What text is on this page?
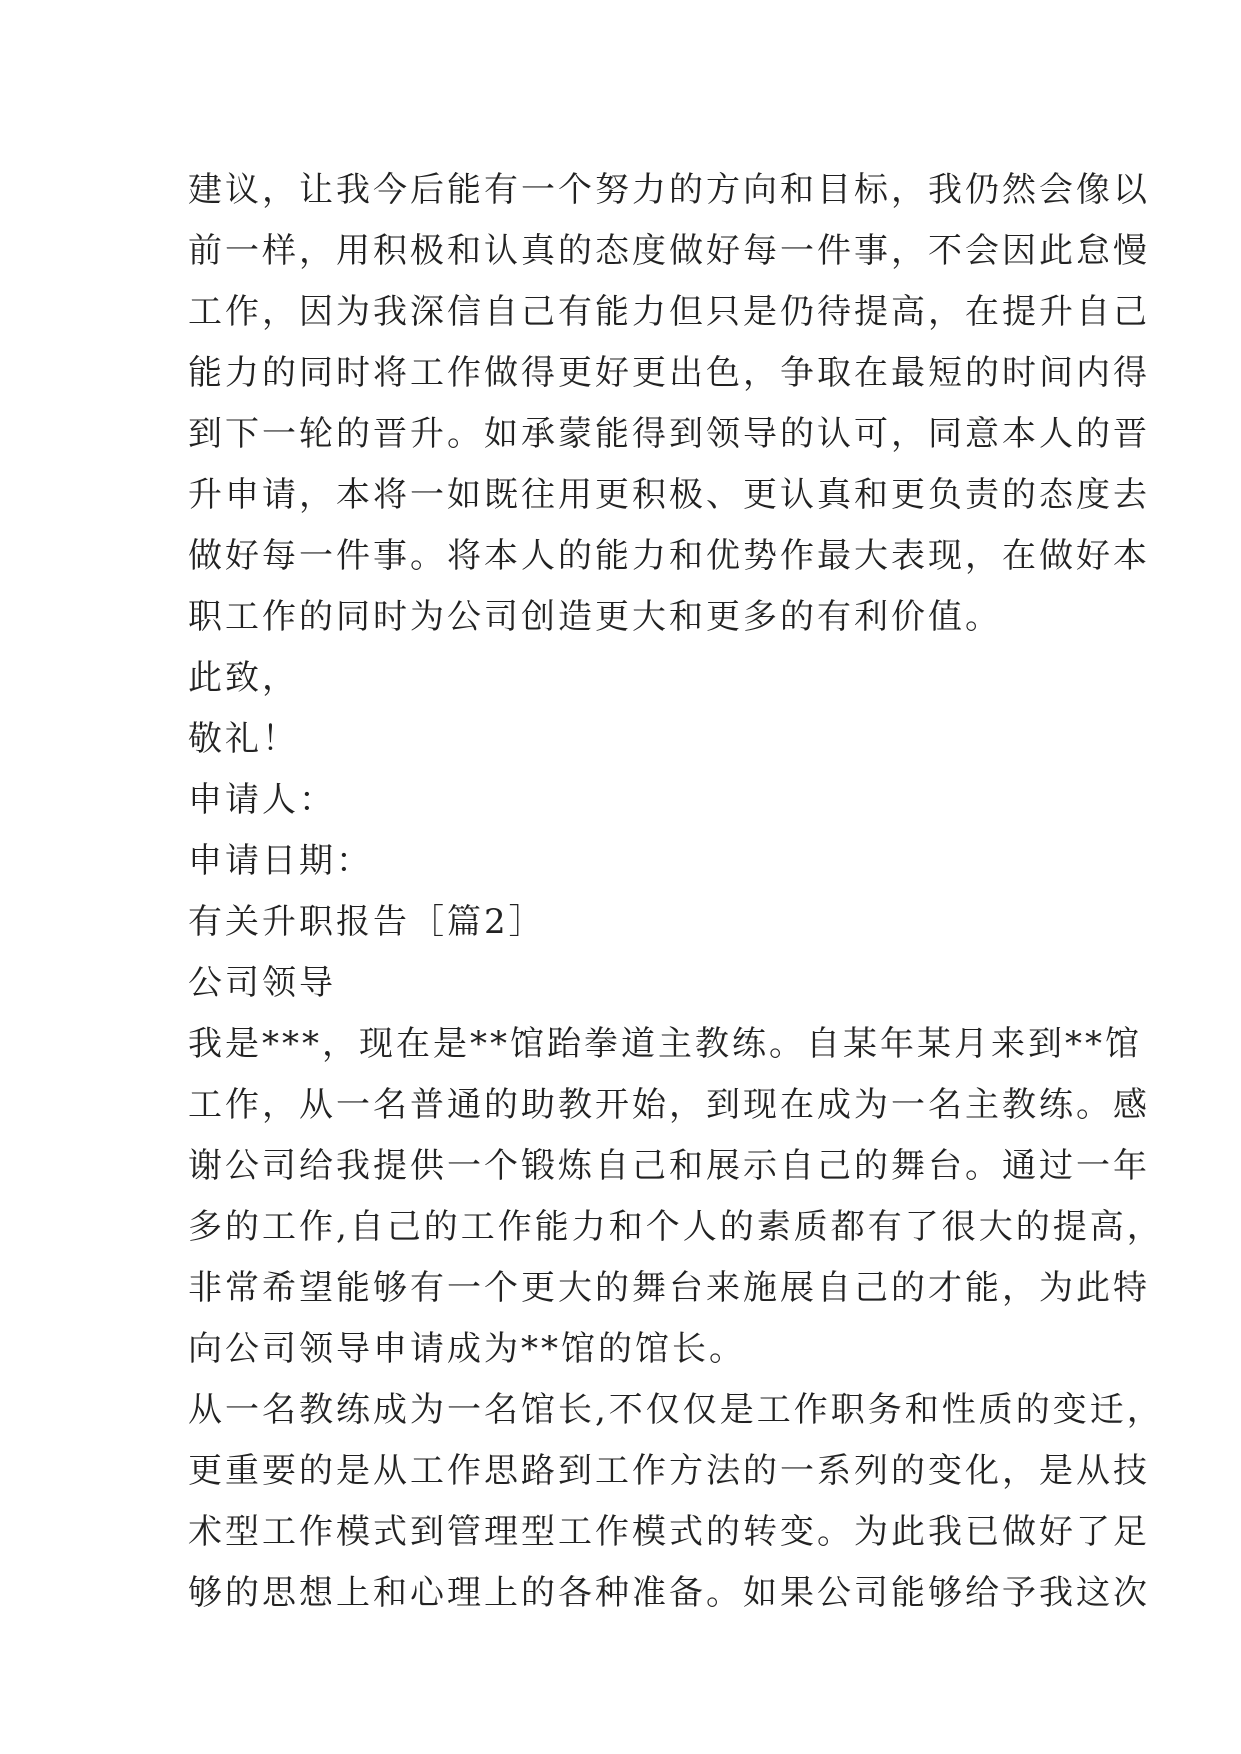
建议，让我今后能有一个努力的方向和目标，我仍然会像以
前一样，用积极和认真的态度做好每一件事，不会因此怠慢
工作，因为我深信自己有能力但只是仍待提高，在提升自己
能力的同时将工作做得更好更出色，争取在最短的时间内得
到下一轮的晋升。如承蒙能得到领导的认可，同意本人的晋
升申请，本将一如既往用更积极、更认真和更负责的态度去
做好每一件事。将本人的能力和优势作最大表现，在做好本
职工作的同时为公司创造更大和更多的有利价值。
此致，
敬礼！
申请人：
申请日期：
有关升职报告［篇2］
公司领导
我是***，现在是**馆跆拳道主教练。自某年某月来到**馆
工作，从一名普通的助教开始，到现在成为一名主教练。感
谢公司给我提供一个锻炼自己和展示自己的舞台。通过一年
多的工作,自己的工作能力和个人的素质都有了很大的提高，
非常希望能够有一个更大的舞台来施展自己的才能，为此特
向公司领导申请成为**馆的馆长。
从一名教练成为一名馆长,不仅仅是工作职务和性质的变迁，
更重要的是从工作思路到工作方法的一系列的变化，是从技
术型工作模式到管理型工作模式的转变。为此我已做好了足
够的思想上和心理上的各种准备。如果公司能够给予我这次
